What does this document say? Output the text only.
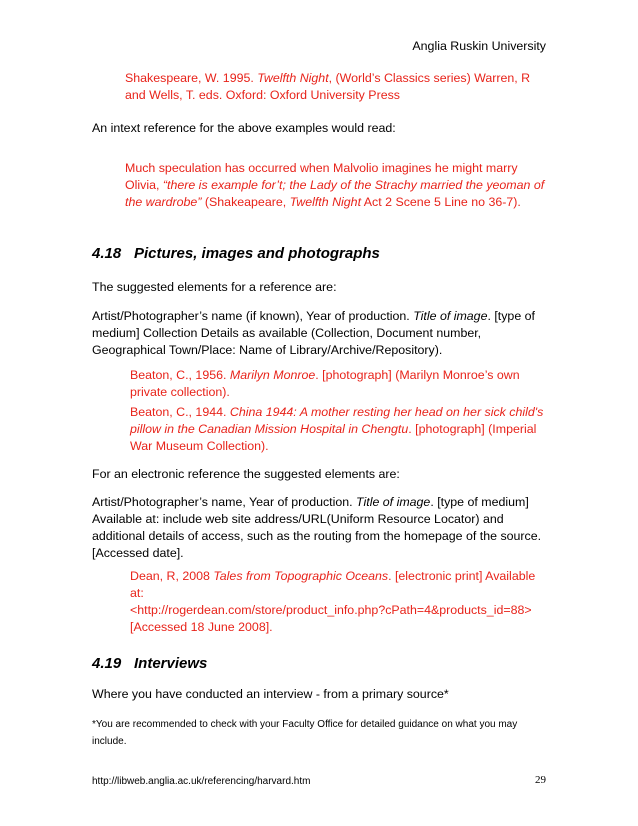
Anglia Ruskin University

Shakespeare, W. 1995. Twelfth Night, (World’s Classics series) Warren, R and Wells, T. eds. Oxford: Oxford University Press

An intext reference for the above examples would read:

Much speculation has occurred when Malvolio imagines he might marry Olivia, “there is example for’t; the Lady of the Strachy married the yeoman of the wardrobe” (Shakeapeare, Twelfth Night Act 2 Scene 5 Line no 36-7).

4.18 Pictures, images and photographs

The suggested elements for a reference are:

Artist/Photographer’s name (if known), Year of production. Title of image. [type of medium] Collection Details as available (Collection, Document number, Geographical Town/Place: Name of Library/Archive/Repository).

Beaton, C., 1956. Marilyn Monroe. [photograph] (Marilyn Monroe’s own private collection).

Beaton, C., 1944. China 1944: A mother resting her head on her sick child's pillow in the Canadian Mission Hospital in Chengtu. [photograph] (Imperial War Museum Collection).

For an electronic reference the suggested elements are:

Artist/Photographer’s name, Year of production. Title of image. [type of medium] Available at: include web site address/URL(Uniform Resource Locator) and additional details of access, such as the routing from the homepage of the source.[Accessed date].

Dean, R, 2008 Tales from Topographic Oceans. [electronic print] Available at:
<http://rogerdean.com/store/product_info.php?cPath=4&products_id=88>
[Accessed 18 June 2008].
4.19 Interviews

Where you have conducted an interview - from a primary source*

*You are recommended to check with your Faculty Office for detailed guidance on what you may include.

http://libweb.anglia.ac.uk/referencing/harvard.htm	29
